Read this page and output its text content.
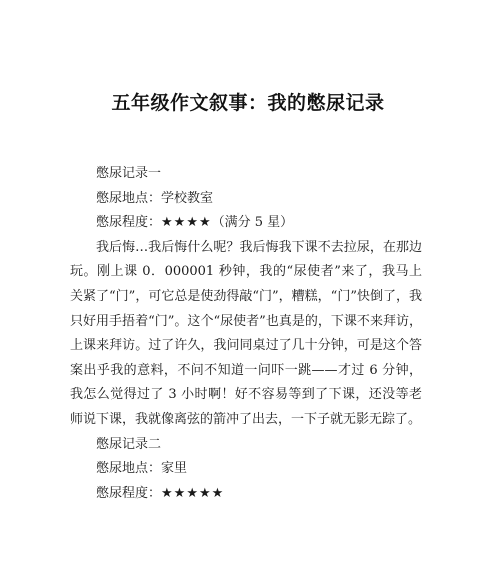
五年级作文叙事：我的憋尿记录
憋尿记录一
憋尿地点：学校教室
憋尿程度：★★★★（满分 5 星）
我后悔…我后悔什么呢？我后悔我下课不去拉尿，在那边玩。刚上课 0．000001 秒钟，我的“尿使者”来了，我马上关紧了“门”，可它总是使劲得敲“门”，糟糕，“门”快倒了，我只好用手捂着“门”。这个“尿使者”也真是的，下课不来拜访，上课来拜访。过了许久，我问同桌过了几十分钟，可是这个答案出乎我的意料，不问不知道一问吓一跳——才过 6 分钟，我怎么觉得过了 3 小时啊！好不容易等到了下课，还没等老师说下课，我就像离弦的箭冲了出去，一下子就无影无踪了。
憋尿记录二
憋尿地点：家里
憋尿程度：★★★★★
